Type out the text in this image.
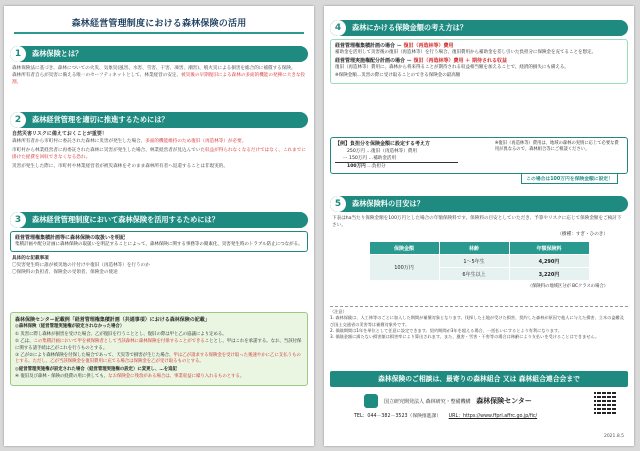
森林経営管理制度における森林保険の活用
1	森林保険とは？
森林保険法に基づき、森林についての火災、気象災(風害、水害、雪害、干害、凍害、潮害)、噴火災による損害を総合的に補償する保険。
森林所有者自らが災害に備える唯一のセーフティネットとして、林業経営の安定、被災後の早期復旧による森林の多面的機能の発揮に大きな役割。
2	森林経営管理を適切に推進するためには？
自然災害リスクに備えておくことが重要！
森林所有者から市町村に委託された森林に災害が発生した場合、多面的機能維持のため復旧（再造林等）が必要。
市町村から林業経営者に再委託された森林に災害が発生した場合、林業経営者が見込んでいた収益が得られなくなるだけではなく、これまでに掛けた経費を回収できなくなる恐れ。
災害が発生した際に、市町村や林業経営者が被災森林をそのまま森林所有者へ返還することは非現実的。
3	森林経営管理制度において森林保険を活用するためには？
経営管理権集積計画等に森林保険の取扱いを明記
集積計画や配分計画に森林保険の取扱いを明記することによって、森林保険に関する事務等の簡素化、災害発生時のトラブル防止につながる。
具体的な記載事項
〇災害発生時に誰が被災地の片付けや復旧（再造林等）を行うのか
〇保険料の負担者、保険金の受領者、保険金の使途
森林保険センター記載例「経営管理権集積計画（共通事項）における森林保険の記載」
◎森林保険（経営管理実施権が設定されなかった場合）
① 災害に際し森林が損害を受けた場合、乙が復旧を行うこととし、復旧の際は甲と乙の協議により定める。
② 乙は、この集積計画において甲を被保険者として当該森林に森林保険を付保することができることとし、甲はこれを承諾する。なお、当該付保に関する諸手続は乙がこれを行うものとする。
③ 乙が②により森林保険を付保した場合であって、天災等で損害が生じた場合、甲は乙が請求する保険金を受け取った後速やかに乙に支払うものとする。ただし、乙が当該保険金を復旧費用に充てる場合は保険金を乙が受け取るものとする。
◎経営管理実施権が設定された場合（経営管理実施権の設定）に変更し、…を追記
④ 復旧及び森林・保険の経費の用に供しても、なお保険金に残余がある場合は、事業収益に繰り入れるものとする。
4	森林にかける保険金額の考え方は？
経営管理権集積計画の場合 ー 復旧（再造林等）費用
補助金を活用して災害後の復旧（再造林等）を行う場合、復旧費用から補助金を差し引いた負担分に保険金を充てることを想定。
経営管理実施権配分計画の場合 ー 復旧（再造林等）費用 ＋ 期待される収益
復旧（再造林等）費用に、森林から将来得ることが期待される収益相当額を加えることで、経済的損失にも備える。
※保険金額…災害の際に受け取ることのできる保険金の最高額
【例】負担分を保険金額に設定する考え方
250万円 …復旧（再造林等）費用
ー 150万円 …補助金活用
100万円 …負担分
※復旧（再造林等）費用は、地域の森林の実情に応じて必要な費用が異なるので、森林組合等にご相談ください。
この場合は100万円を保険金額に設定！
5	森林保険料の目安は？
下表はha当たり保険金額を100万円とした場合の年額保険料です。保険料の目安としていただき、予算やリスクに応じて保険金額をご検討下さい。
（樹種：すぎ・ひのき）
保険金額	林齢	年額保険料
100万円	1〜5年生	4,290円
	6年生以上	3,220円
（保険料の地域区分が BCクラスの場合）
（注意）
1. 森林保険は、人工林等のごとに加入した期間が補償対象となります。伐採した土地が受けた損害、契約した森林が原因で他人に与えた損害、立木の盗難及び国土交通省の災害等は補償対象外です。
2. 保険期間は1年を単位として任意に設定できます。契約期間が3年を超える場合、一括払いにするとより有利になります。
3. 保険金額に満たない損害額は損害率により算出されます。また、風害・雪害・干害等の場合は林齢により支払いを受けることはできません。
森林保険のご相談は、最寄りの森林組合 又は 森林組合連合会まで
国立研究開発法人 森林研究・整備機構 森林保険センター
TEL：044－382－3523（保険推進課） URL：https://www.ffpri.affrc.go.jp/fic/
2021.8.5
